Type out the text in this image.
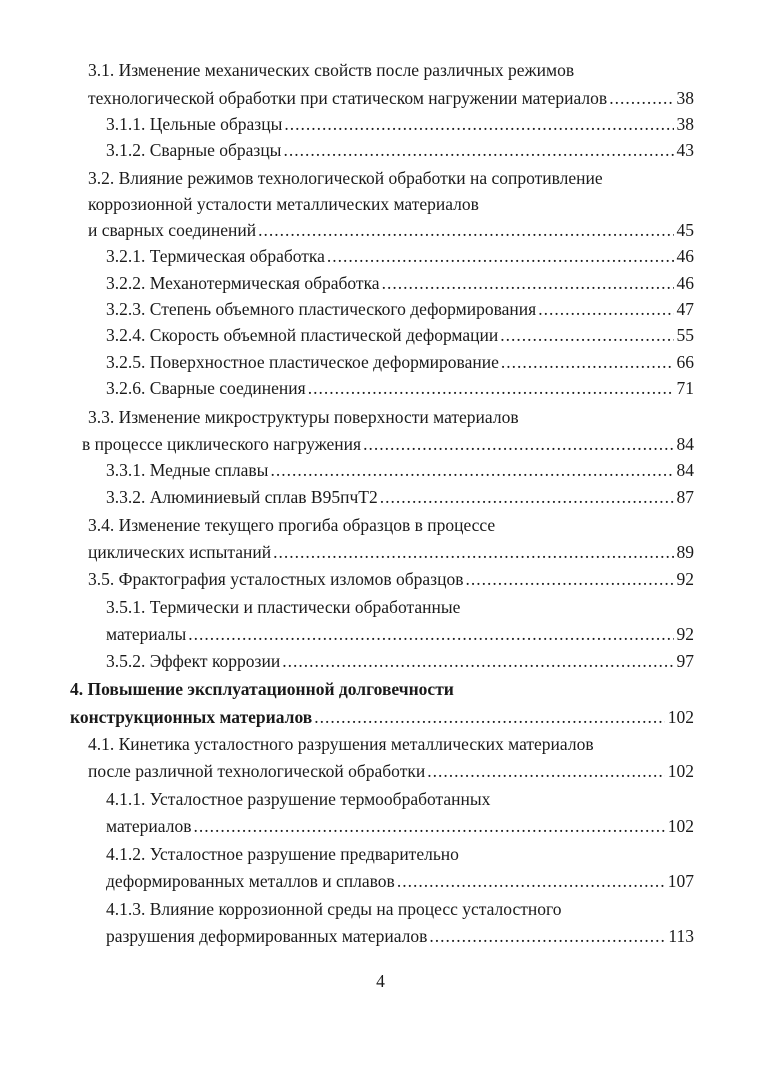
3.1. Изменение механических свойств после различных режимов
технологической обработки при статическом нагружении материалов .....	38
3.1.1. Цельные образцы .....	38
3.1.2. Сварные образцы .....	43
3.2. Влияние режимов технологической обработки на сопротивление
коррозионной усталости металлических материалов
и сварных соединений .....	45
3.2.1. Термическая обработка .....	46
3.2.2. Механотермическая обработка .....	46
3.2.3. Степень объемного пластического деформирования .....	47
3.2.4. Скорость объемной пластической деформации .....	55
3.2.5. Поверхностное пластическое деформирование .....	66
3.2.6. Сварные соединения .....	71
3.3. Изменение микроструктуры поверхности материалов
в процессе циклического нагружения .....	84
3.3.1. Медные сплавы .....	84
3.3.2. Алюминиевый сплав В95пчТ2 .....	87
3.4. Изменение текущего прогиба образцов в процессе
циклических испытаний .....	89
3.5. Фрактография усталостных изломов образцов .....	92
3.5.1. Термически и пластически обработанные
материалы .....	92
3.5.2. Эффект коррозии .....	97
4. Повышение эксплуатационной долговечности
конструкционных материалов .....	102
4.1. Кинетика усталостного разрушения металлических материалов
после различной технологической обработки .....	102
4.1.1. Усталостное разрушение термообработанных
материалов .....	102
4.1.2. Усталостное разрушение предварительно
деформированных металлов и сплавов .....	107
4.1.3. Влияние коррозионной среды на процесс усталостного
разрушения деформированных материалов .....	113
4
